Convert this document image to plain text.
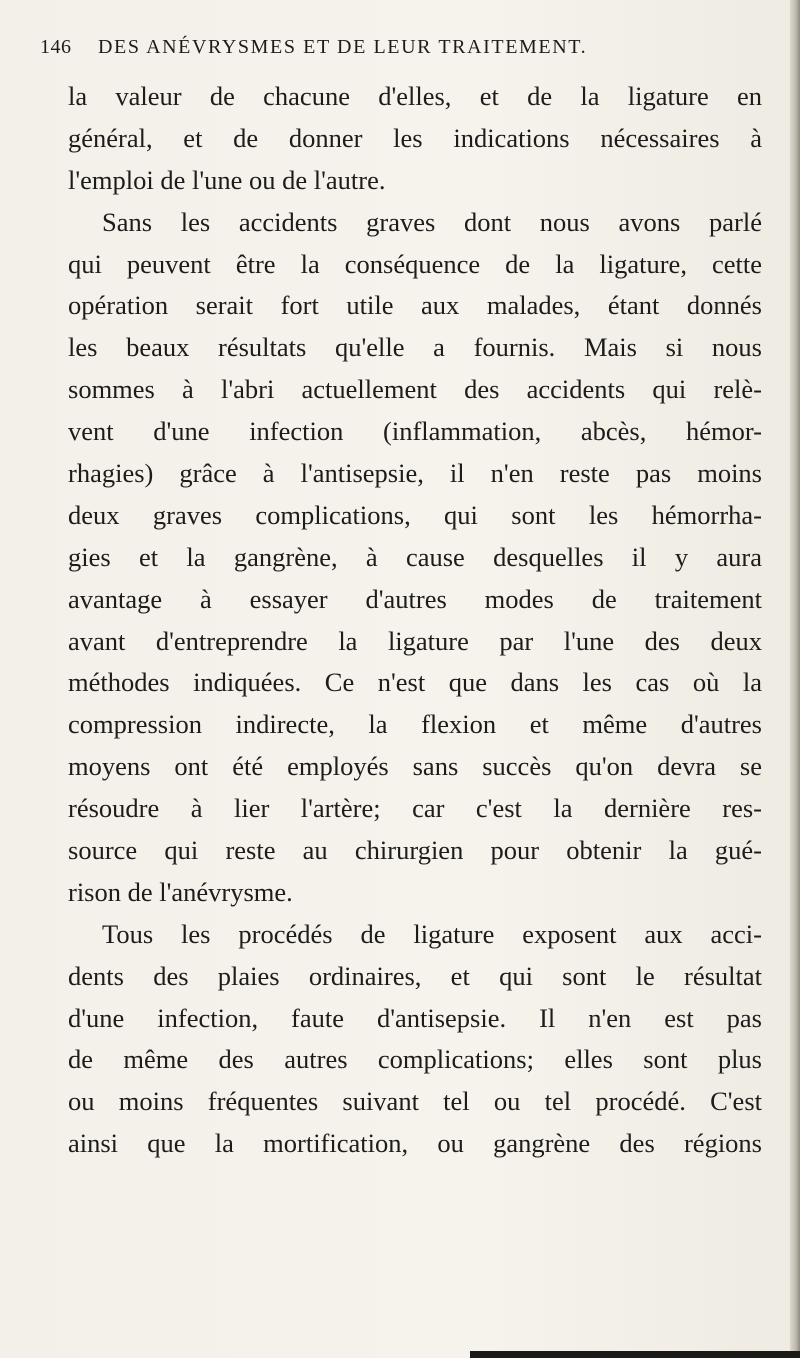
146 DES ANÉVRYSMES ET DE LEUR TRAITEMENT.
la valeur de chacune d'elles, et de la ligature en
général, et de donner les indications nécessaires à
l'emploi de l'une ou de l'autre.
Sans les accidents graves dont nous avons parlé
qui peuvent être la conséquence de la ligature, cette
opération serait fort utile aux malades, étant donnés
les beaux résultats qu'elle a fournis. Mais si nous
sommes à l'abri actuellement des accidents qui relè-
vent d'une infection (inflammation, abcès, hémor-
rhagies) grâce à l'antisepsie, il n'en reste pas moins
deux graves complications, qui sont les hémorrha-
gies et la gangrène, à cause desquelles il y aura
avantage à essayer d'autres modes de traitement
avant d'entreprendre la ligature par l'une des deux
méthodes indiquées. Ce n'est que dans les cas où la
compression indirecte, la flexion et même d'autres
moyens ont été employés sans succès qu'on devra se
résoudre à lier l'artère; car c'est la dernière res-
source qui reste au chirurgien pour obtenir la gué-
rison de l'anévrysme.
Tous les procédés de ligature exposent aux acci-
dents des plaies ordinaires, et qui sont le résultat
d'une infection, faute d'antisepsie. Il n'en est pas
de même des autres complications; elles sont plus
ou moins fréquentes suivant tel ou tel procédé. C'est
ainsi que la mortification, ou gangrène des régions
